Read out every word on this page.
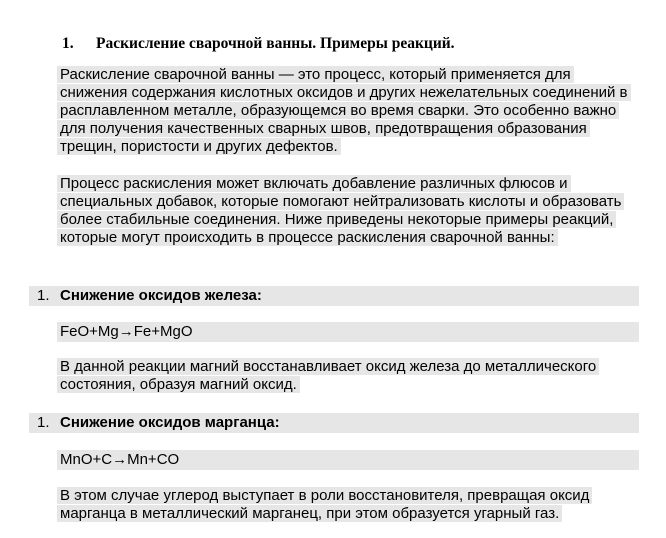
1. Раскисление сварочной ванны. Примеры реакций.
Раскисление сварочной ванны — это процесс, который применяется для снижения содержания кислотных оксидов и других нежелательных соединений в расплавленном металле, образующемся во время сварки. Это особенно важно для получения качественных сварных швов, предотвращения образования трещин, пористости и других дефектов.
Процесс раскисления может включать добавление различных флюсов и специальных добавок, которые помогают нейтрализовать кислоты и образовать более стабильные соединения. Ниже приведены некоторые примеры реакций, которые могут происходить в процессе раскисления сварочной ванны:
1. Снижение оксидов железа:
FeO+Mg→Fe+MgO
В данной реакции магний восстанавливает оксид железа до металлического состояния, образуя магний оксид.
1. Снижение оксидов марганца:
MnO+C→Mn+CO
В этом случае углерод выступает в роли восстановителя, превращая оксид марганца в металлический марганец, при этом образуется угарный газ.
